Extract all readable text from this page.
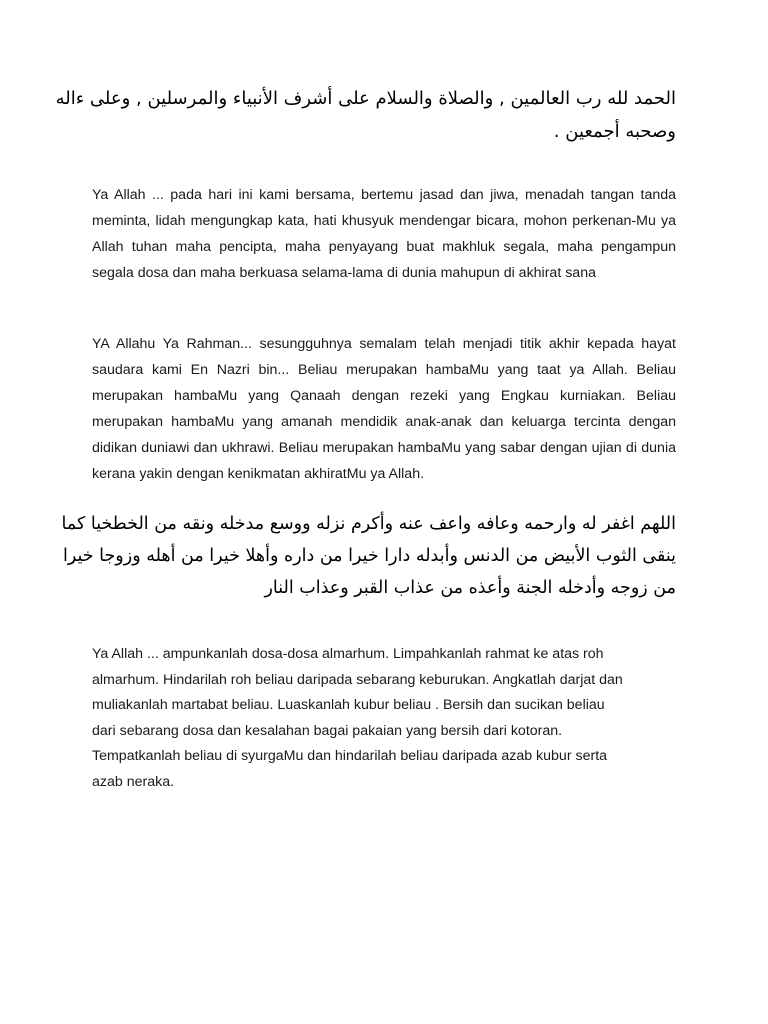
الحمد لله رب العالمين , والصلاة والسلام على أشرف الأنبياء والمرسلين , وعلى ءاله
وصحبه أجمعين .

Ya Allah ... pada hari ini kami bersama, bertemu jasad dan jiwa, menadah tangan tanda meminta, lidah mengungkap kata, hati khusyuk mendengar bicara, mohon perkenan-Mu ya Allah tuhan maha pencipta, maha penyayang buat makhluk segala, maha pengampun segala dosa dan maha berkuasa selama-lama di dunia mahupun di akhirat sana

YA Allahu Ya Rahman... sesungguhnya semalam telah menjadi titik akhir kepada hayat saudara kami En Nazri bin... Beliau merupakan hambaMu yang taat ya Allah. Beliau merupakan hambaMu yang Qanaah dengan rezeki yang Engkau kurniakan. Beliau merupakan hambaMu yang amanah mendidik anak-anak dan keluarga tercinta dengan didikan duniawi dan ukhrawi. Beliau merupakan hambaMu yang sabar dengan ujian di dunia kerana yakin dengan kenikmatan akhiratMu ya Allah.

اللهم اغفر له وارحمه وعافه واعف عنه وأكرم نزله ووسع مدخله ونقه من الخطخيا كما
ينقى الثوب الأبيض من الدنس وأبدله دارا خيرا من داره وأهلا خيرا من أهله وزوجا خيرا
من زوجه وأدخله الجنة وأعذه من عذاب القبر وعذاب النار
Ya Allah ... ampunkanlah dosa-dosa almarhum. Limpahkanlah rahmat ke atas roh
almarhum. Hindarilah roh beliau daripada sebarang keburukan. Angkatlah darjat dan
muliakanlah martabat beliau. Luaskanlah kubur beliau . Bersih dan sucikan beliau
dari sebarang dosa dan kesalahan bagai pakaian yang bersih dari kotoran.
Tempatkanlah beliau di syurgaMu dan hindarilah beliau daripada azab kubur serta
azab neraka.
